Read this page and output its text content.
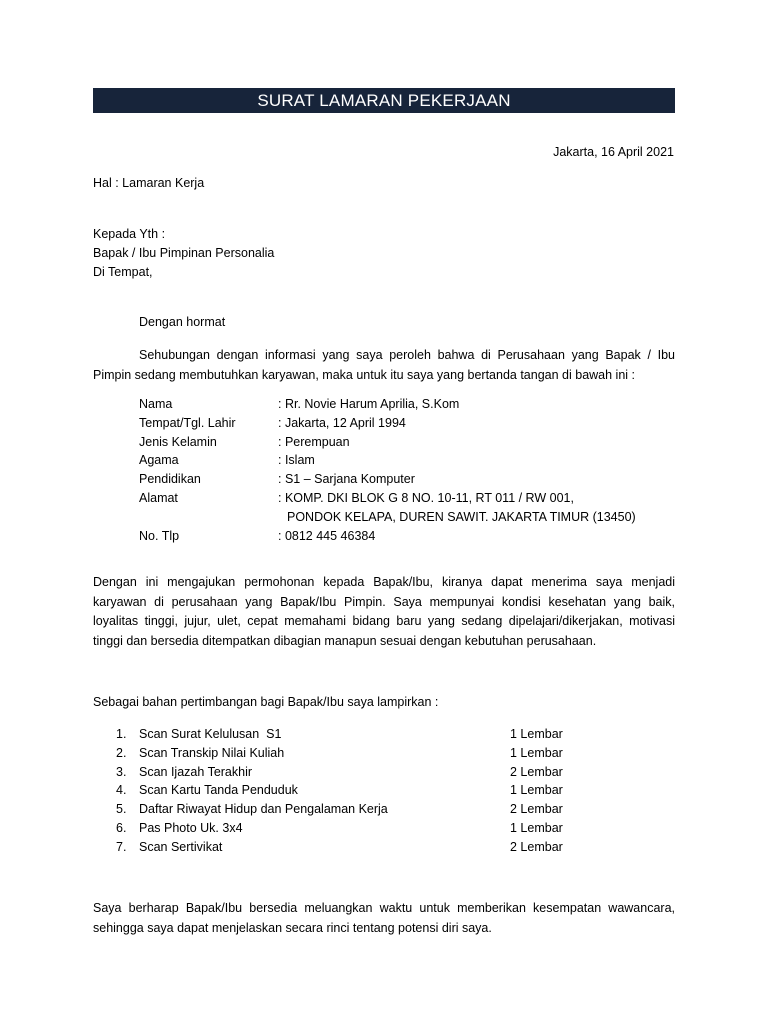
SURAT LAMARAN PEKERJAAN
Jakarta, 16 April 2021
Hal : Lamaran Kerja
Kepada Yth :
Bapak / Ibu Pimpinan Personalia
Di Tempat,
Dengan hormat
Sehubungan dengan informasi yang saya peroleh bahwa di Perusahaan yang Bapak / Ibu Pimpin sedang membutuhkan karyawan, maka untuk itu saya yang bertanda tangan di bawah ini :
Nama	: Rr. Novie Harum Aprilia, S.Kom
Tempat/Tgl. Lahir	: Jakarta, 12 April 1994
Jenis Kelamin	: Perempuan
Agama	: Islam
Pendidikan	: S1 – Sarjana Komputer
Alamat	: KOMP. DKI BLOK G 8 NO. 10-11, RT 011 / RW 001,
PONDOK KELAPA, DUREN SAWIT. JAKARTA TIMUR (13450)
No. Tlp	: 0812 445 46384
Dengan ini mengajukan permohonan kepada Bapak/Ibu, kiranya dapat menerima saya menjadi karyawan di perusahaan yang Bapak/Ibu Pimpin. Saya mempunyai kondisi kesehatan yang baik, loyalitas tinggi, jujur, ulet, cepat memahami bidang baru yang sedang dipelajari/dikerjakan, motivasi tinggi dan bersedia ditempatkan dibagian manapun sesuai dengan kebutuhan perusahaan.
Sebagai bahan pertimbangan bagi Bapak/Ibu saya lampirkan :
1.	Scan Surat Kelulusan  S1	1 Lembar
2.	Scan Transkip Nilai Kuliah	1 Lembar
3.	Scan Ijazah Terakhir	2 Lembar
4.	Scan Kartu Tanda Penduduk	1 Lembar
5.	Daftar Riwayat Hidup dan Pengalaman Kerja	2 Lembar
6.	Pas Photo Uk. 3x4	1 Lembar
7.	Scan Sertivikat	2 Lembar
Saya berharap Bapak/Ibu bersedia meluangkan waktu untuk memberikan kesempatan wawancara, sehingga saya dapat menjelaskan secara rinci tentang potensi diri saya.
